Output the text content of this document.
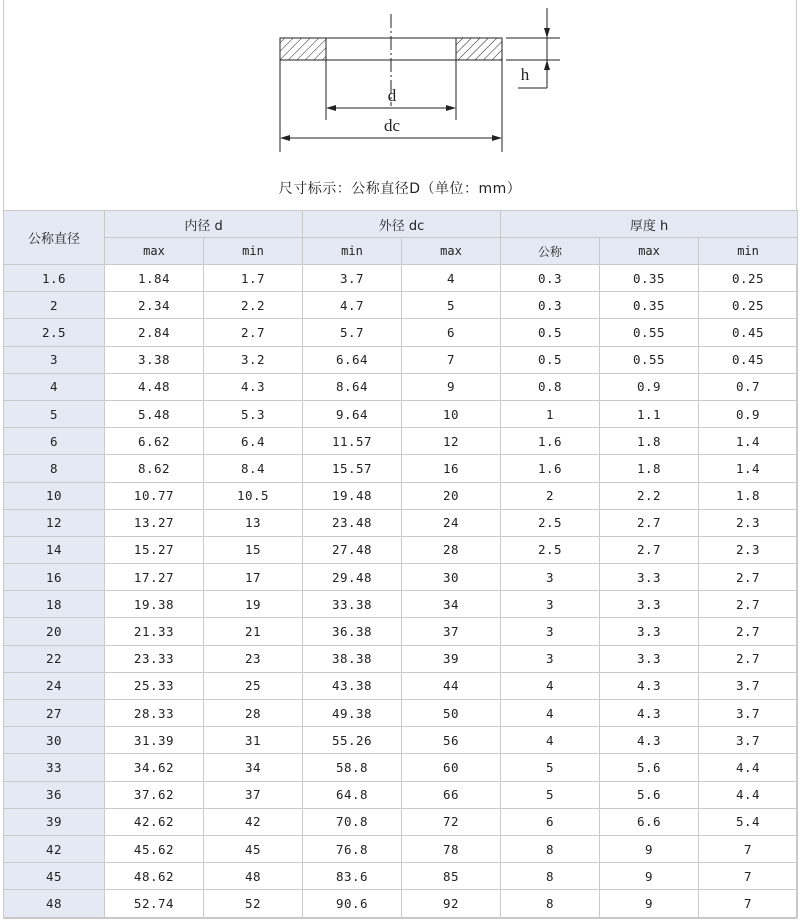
d
dc
h
尺寸标示：公称直径D（单位：mm）
公称直径	内径 d		外径 dc		厚度 h		
	max	min	min	max	公称	max	min
1.6	1.84	1.7	3.7	4	0.3	0.35	0.25
2	2.34	2.2	4.7	5	0.3	0.35	0.25
2.5	2.84	2.7	5.7	6	0.5	0.55	0.45
3	3.38	3.2	6.64	7	0.5	0.55	0.45
4	4.48	4.3	8.64	9	0.8	0.9	0.7
5	5.48	5.3	9.64	10	1	1.1	0.9
6	6.62	6.4	11.57	12	1.6	1.8	1.4
8	8.62	8.4	15.57	16	1.6	1.8	1.4
10	10.77	10.5	19.48	20	2	2.2	1.8
12	13.27	13	23.48	24	2.5	2.7	2.3
14	15.27	15	27.48	28	2.5	2.7	2.3
16	17.27	17	29.48	30	3	3.3	2.7
18	19.38	19	33.38	34	3	3.3	2.7
20	21.33	21	36.38	37	3	3.3	2.7
22	23.33	23	38.38	39	3	3.3	2.7
24	25.33	25	43.38	44	4	4.3	3.7
27	28.33	28	49.38	50	4	4.3	3.7
30	31.39	31	55.26	56	4	4.3	3.7
33	34.62	34	58.8	60	5	5.6	4.4
36	37.62	37	64.8	66	5	5.6	4.4
39	42.62	42	70.8	72	6	6.6	5.4
42	45.62	45	76.8	78	8	9	7
45	48.62	48	83.6	85	8	9	7
48	52.74	52	90.6	92	8	9	7
